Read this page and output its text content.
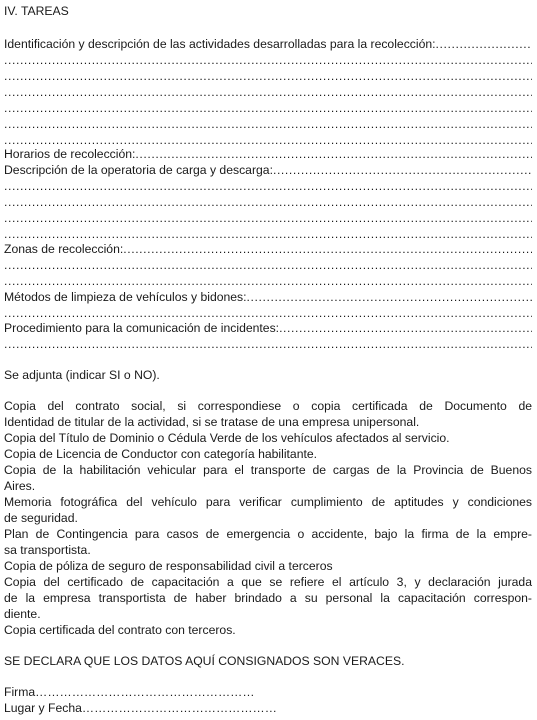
IV. TAREAS
Identificación y descripción de las actividades desarrolladas para la recolección: .....
.....
.....
.....
.....
.....
.....
Horarios de recolección: .....
Descripción de la operatoria de carga y descarga: .....
.....
.....
.....
.....
Zonas de recolección: .....
.....
.....
Métodos de limpieza de vehículos y bidones: .....
.....
Procedimiento para la comunicación de incidentes: .....
.....
Se adjunta (indicar SI o NO).
Copia del contrato social, si correspondiese o copia certificada de Documento de
Identidad de titular de la actividad, si se tratase de una empresa unipersonal.
Copia del Título de Dominio o Cédula Verde de los vehículos afectados al servicio.
Copia de Licencia de Conductor con categoría habilitante.
Copia de la habilitación vehicular para el transporte de cargas de la Provincia de Buenos
Aires.
Memoria fotográfica del vehículo para verificar cumplimiento de aptitudes y condiciones
de seguridad.
Plan de Contingencia para casos de emergencia o accidente, bajo la firma de la empre-
sa transportista.
Copia de póliza de seguro de responsabilidad civil a terceros
Copia del certificado de capacitación a que se refiere el artículo 3, y declaración jurada
de la empresa transportista de haber brindado a su personal la capacitación correspon-
diente.
Copia certificada del contrato con terceros.
SE DECLARA QUE LOS DATOS AQUÍ CONSIGNADOS SON VERACES.
Firma………………………………………………
Lugar y Fecha…………………………………………
